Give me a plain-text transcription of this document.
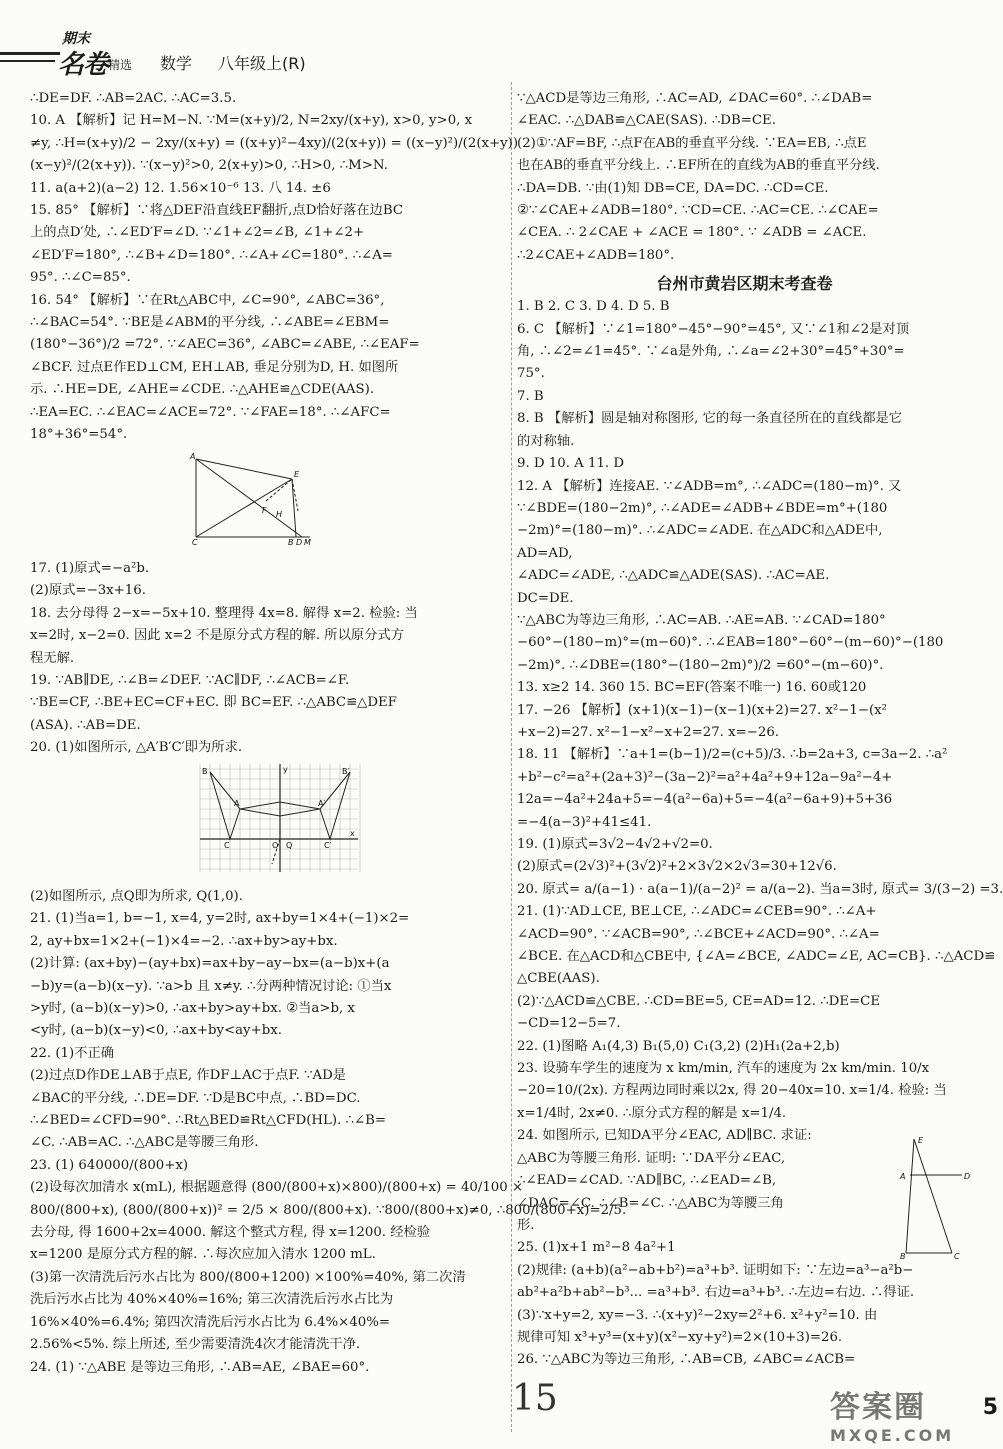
期末
名卷 精选 数学 八年级上(R)
∴DE=DF. ∴AB=2AC. ∴AC=3.5.
10. A 【解析】记 H=M−N. ∵M=(x+y)/2, N=2xy/(x+y), x>0, y>0, x
≠y, ∴H=(x+y)/2 − 2xy/(x+y) = ((x+y)²−4xy)/(2(x+y)) = ((x−y)²)/(2(x+y))
(x−y)²/(2(x+y)). ∵(x−y)²>0, 2(x+y)>0, ∴H>0, ∴M>N.
11. a(a+2)(a−2) 12. 1.56×10⁻⁶ 13. 八 14. ±6
15. 85° 【解析】∵将△DEF沿直线EF翻折,点D恰好落在边BC
上的点D′处, ∴∠ED′F=∠D. ∵∠1+∠2=∠B, ∠1+∠2+
∠ED′F=180°, ∴∠B+∠D=180°. ∴∠A+∠C=180°. ∴∠A=
95°. ∴∠C=85°.
16. 54° 【解析】∵在Rt△ABC中, ∠C=90°, ∠ABC=36°,
∴∠BAC=54°. ∵BE是∠ABM的平分线, ∴∠ABE=∠EBM=
(180°−36°)/2 =72°. ∵∠AEC=36°, ∠ABC=∠ABE, ∴∠EAF=
∠BCF. 过点E作ED⊥CM, EH⊥AB, 垂足分别为D, H. 如图所
示. ∴HE=DE, ∠AHE=∠CDE. ∴△AHE≌△CDE(AAS).
∴EA=EC. ∴∠EAC=∠ACE=72°. ∵∠FAE=18°. ∴∠AFC=
18°+36°=54°.
A
E
F H
C	B D M
17. (1)原式=−a²b.
(2)原式=−3x+16.
18. 去分母得 2−x=−5x+10. 整理得 4x=8. 解得 x=2. 检验: 当
x=2时, x−2=0. 因此 x=2 不是原分式方程的解. 所以原分式方
程无解.
19. ∵AB∥DE, ∴∠B=∠DEF. ∵AC∥DF, ∴∠ACB=∠F.
∵BE=CF, ∴BE+EC=CF+EC. 即 BC=EF. ∴△ABC≌△DEF
(ASA). ∴AB=DE.
20. (1)如图所示, △A′B′C′即为所求.
B
A
C
B′
C′
A′
Q
O
x
y
(2)如图所示, 点Q即为所求, Q(1,0).
21. (1)当a=1, b=−1, x=4, y=2时, ax+by=1×4+(−1)×2=
2, ay+bx=1×2+(−1)×4=−2. ∴ax+by>ay+bx.
(2)计算: (ax+by)−(ay+bx)=ax+by−ay−bx=(a−b)x+(a
−b)y=(a−b)(x−y). ∵a>b 且 x≠y. ∴分两种情况讨论: ①当x
>y时, (a−b)(x−y)>0, ∴ax+by>ay+bx. ②当a>b, x
<y时, (a−b)(x−y)<0, ∴ax+by<ay+bx.
22. (1)不正确
(2)过点D作DE⊥AB于点E, 作DF⊥AC于点F. ∵AD是
∠BAC的平分线, ∴DE=DF. ∵D是BC中点, ∴BD=DC.
∴∠BED=∠CFD=90°. ∴Rt△BED≌Rt△CFD(HL). ∴∠B=
∠C. ∴AB=AC. ∴△ABC是等腰三角形.
23. (1) 640000/(800+x)
(2)设每次加清水 x(mL), 根据题意得 (800/(800+x)×800)/(800+x) = 40/100 ×
800/(800+x), (800/(800+x))² = 2/5 × 800/(800+x). ∵800/(800+x)≠0, ∴800/(800+x)=2/5.
去分母, 得 1600+2x=4000. 解这个整式方程, 得 x=1200. 经检验
x=1200 是原分式方程的解. ∴每次应加入清水 1200 mL.
(3)第一次清洗后污水占比为 800/(800+1200) ×100%=40%, 第二次清
洗后污水占比为 40%×40%=16%; 第三次清洗后污水占比为
16%×40%=6.4%; 第四次清洗后污水占比为 6.4%×40%=
2.56%<5%. 综上所述, 至少需要清洗4次才能清洗干净.
24. (1) ∵△ABE 是等边三角形, ∴AB=AE, ∠BAE=60°.
∵△ACD是等边三角形, ∴AC=AD, ∠DAC=60°. ∴∠DAB=
∠EAC. ∴△DAB≌△CAE(SAS). ∴DB=CE.
(2)①∵AF=BF, ∴点F在AB的垂直平分线. ∵EA=EB, ∴点E
也在AB的垂直平分线上. ∴EF所在的直线为AB的垂直平分线.
∴DA=DB. ∵由(1)知 DB=CE, DA=DC. ∴CD=CE.
②∵∠CAE+∠ADB=180°. ∵CD=CE. ∴AC=CE. ∴∠CAE=
∠CEA. ∴ 2∠CAE + ∠ACE = 180°. ∵ ∠ADB = ∠ACE.
∴2∠CAE+∠ADB=180°.
台州市黄岩区期末考查卷
1. B 2. C 3. D 4. D 5. B
6. C 【解析】∵∠1=180°−45°−90°=45°, 又∵∠1和∠2是对顶
角, ∴∠2=∠1=45°. ∵∠a是外角, ∴∠a=∠2+30°=45°+30°=
75°.
7. B
8. B 【解析】圆是轴对称图形, 它的每一条直径所在的直线都是它
的对称轴.
9. D 10. A 11. D
12. A 【解析】连接AE. ∵∠ADB=m°, ∴∠ADC=(180−m)°. 又
∵∠BDE=(180−2m)°, ∴∠ADE=∠ADB+∠BDE=m°+(180
−2m)°=(180−m)°. ∴∠ADC=∠ADE. 在△ADC和△ADE中,
AD=AD,
∠ADC=∠ADE, ∴△ADC≌△ADE(SAS). ∴AC=AE.
DC=DE.
∵△ABC为等边三角形, ∴AC=AB. ∴AE=AB. ∵∠CAD=180°
−60°−(180−m)°=(m−60)°. ∴∠EAB=180°−60°−(m−60)°−(180
−2m)°. ∴∠DBE=(180°−(180−2m)°)/2 =60°−(m−60)°.
13. x≥2 14. 360 15. BC=EF(答案不唯一) 16. 60或120
17. −26 【解析】(x+1)(x−1)−(x−1)(x+2)=27. x²−1−(x²
+x−2)=27. x²−1−x²−x+2=27. x=−26.
18. 11 【解析】∵a+1=(b−1)/2=(c+5)/3. ∴b=2a+3, c=3a−2. ∴a²
+b²−c²=a²+(2a+3)²−(3a−2)²=a²+4a²+9+12a−9a²−4+
12a=−4a²+24a+5=−4(a²−6a)+5=−4(a²−6a+9)+5+36
=−4(a−3)²+41≤41.
19. (1)原式=3√2−4√2+√2=0.
(2)原式=(2√3)²+(3√2)²+2×3√2×2√3=30+12√6.
20. 原式= a/(a−1) · a(a−1)/(a−2)² = a/(a−2). 当a=3时, 原式= 3/(3−2) =3.
21. (1)∵AD⊥CE, BE⊥CE, ∴∠ADC=∠CEB=90°. ∴∠A+
∠ACD=90°. ∵∠ACB=90°, ∴∠BCE+∠ACD=90°. ∴∠A=
∠BCE. 在△ACD和△CBE中, {∠A=∠BCE, ∠ADC=∠E, AC=CB}. ∴△ACD≌
△CBE(AAS).
(2)∵△ACD≌△CBE. ∴CD=BE=5, CE=AD=12. ∴DE=CE
−CD=12−5=7.
22. (1)图略 A₁(4,3) B₁(5,0) C₁(3,2) (2)H₁(2a+2,b)
23. 设骑车学生的速度为 x km/min, 汽车的速度为 2x km/min. 10/x
−20=10/(2x). 方程两边同时乘以2x, 得 20−40x=10. x=1/4. 检验: 当
x=1/4时, 2x≠0. ∴原分式方程的解是 x=1/4.
24. 如图所示, 已知DA平分∠EAC, AD∥BC. 求证:
△ABC为等腰三角形. 证明: ∵DA平分∠EAC,
∴∠EAD=∠CAD. ∵AD∥BC, ∴∠EAD=∠B,
∠DAC=∠C. ∴∠B=∠C. ∴△ABC为等腰三角
形.
25. (1)x+1 m²−8 4a²+1
(2)规律: (a+b)(a²−ab+b²)=a³+b³. 证明如下: ∵左边=a³−a²b−
ab²+a²b+ab²−b³... =a³+b³. 右边=a³+b³. ∴左边=右边. ∴得证.
(3)∵x+y=2, xy=−3. ∴(x+y)²−2xy=2²+6. x²+y²=10. 由
规律可知 x³+y³=(x+y)(x²−xy+y²)=2×(10+3)=26.
26. ∵△ABC为等边三角形, ∴AB=CB, ∠ABC=∠ACB=
E
A	D
B	C
15	答案圈
MXQE.COM
5
